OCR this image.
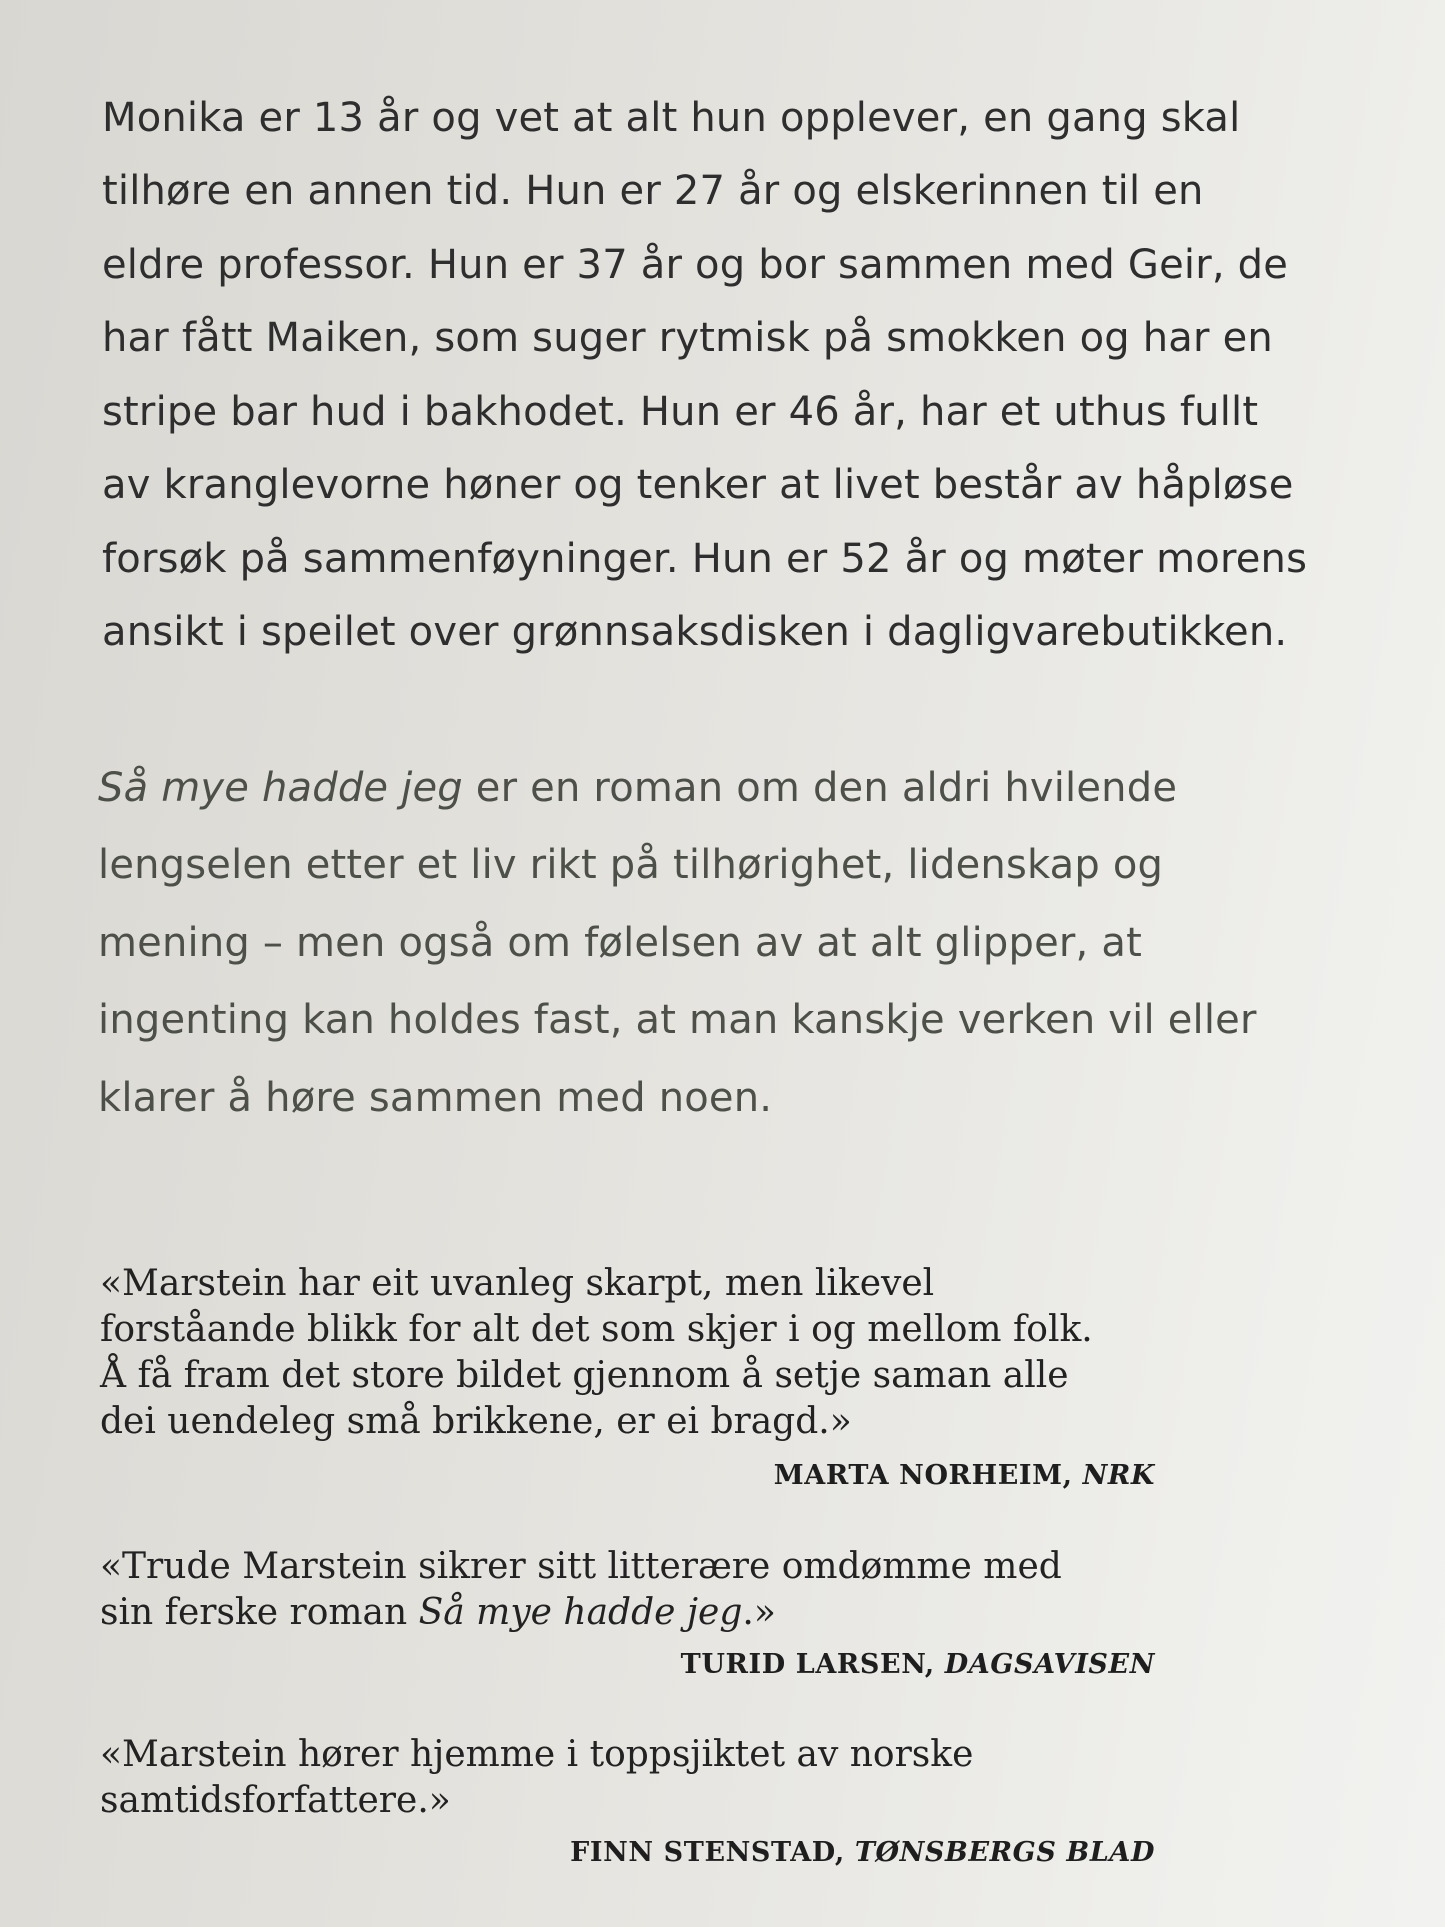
Monika er 13 år og vet at alt hun opplever, en gang skal
tilhøre en annen tid. Hun er 27 år og elskerinnen til en
eldre professor. Hun er 37 år og bor sammen med Geir, de
har fått Maiken, som suger rytmisk på smokken og har en
stripe bar hud i bakhodet. Hun er 46 år, har et uthus fullt
av kranglevorne høner og tenker at livet består av håpløse
forsøk på sammenføyninger. Hun er 52 år og møter morens
ansikt i speilet over grønnsaksdisken i dagligvarebutikken.
Så mye hadde jeg er en roman om den aldri hvilende
lengselen etter et liv rikt på tilhørighet, lidenskap og
mening – men også om følelsen av at alt glipper, at
ingenting kan holdes fast, at man kanskje verken vil eller
klarer å høre sammen med noen.
«Marstein har eit uvanleg skarpt, men likevel
forståande blikk for alt det som skjer i og mellom folk.
Å få fram det store bildet gjennom å setje saman alle
dei uendeleg små brikkene, er ei bragd.»
MARTA NORHEIM, NRK
«Trude Marstein sikrer sitt litterære omdømme med
sin ferske roman Så mye hadde jeg.»
TURID LARSEN, DAGSAVISEN
«Marstein hører hjemme i toppsjiktet av norske
samtidsforfattere.»
FINN STENSTAD, TØNSBERGS BLAD
